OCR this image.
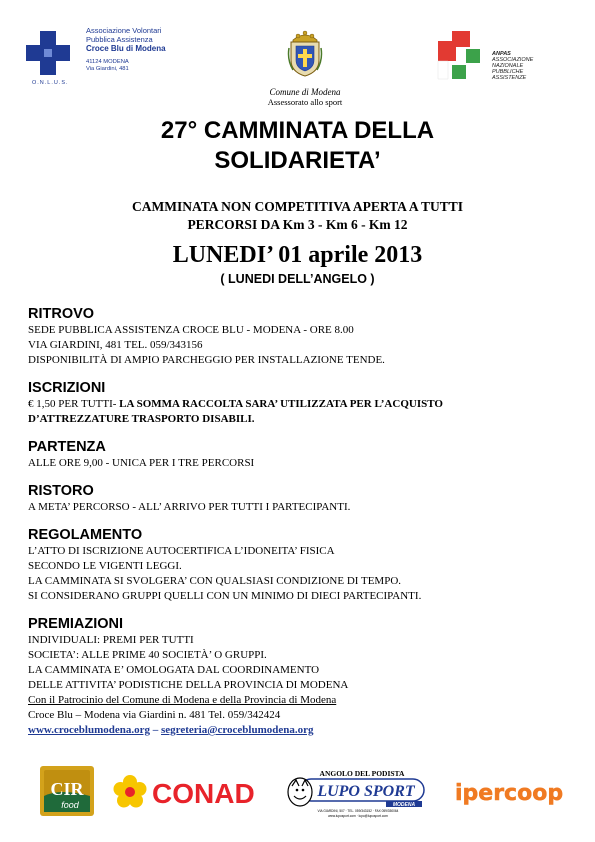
O.N.L.U.S.
Associazione Volontari
Pubblica Assistenza
Croce Blu di Modena
41124 MODENA
Via Giardini, 481
Comune di Modena
Assessorato allo sport
ANPAS
ASSOCIAZIONE
NAZIONALE
PUBBLICHE
ASSISTENZE
27° CAMMINATA DELLA
SOLIDARIETA’
CAMMINATA NON COMPETITIVA APERTA A TUTTI
PERCORSI DA Km 3 - Km 6 - Km 12
LUNEDI’ 01 aprile 2013
( LUNEDI DELL’ANGELO )
RITROVO
SEDE PUBBLICA ASSISTENZA CROCE BLU - MODENA - ORE 8.00
VIA GIARDINI, 481 TEL. 059/343156
DISPONIBILITÀ DI AMPIO PARCHEGGIO PER INSTALLAZIONE TENDE.
ISCRIZIONI
€ 1,50 PER TUTTI- LA SOMMA RACCOLTA SARA’ UTILIZZATA PER L’ACQUISTO
D’ATTREZZATURE TRASPORTO DISABILI.
PARTENZA
ALLE ORE 9,00 - UNICA PER I TRE PERCORSI
RISTORO
A META’ PERCORSO - ALL’ ARRIVO PER TUTTI I PARTECIPANTI.
REGOLAMENTO
L’ATTO DI ISCRIZIONE AUTOCERTIFICA L’IDONEITA’ FISICA
SECONDO LE VIGENTI LEGGI.
LA CAMMINATA SI SVOLGERA’ CON QUALSIASI CONDIZIONE DI TEMPO.
SI CONSIDERANO GRUPPI QUELLI CON UN MINIMO DI DIECI PARTECIPANTI.
PREMIAZIONI
INDIVIDUALI: PREMI PER TUTTI
SOCIETA’: ALLE PRIME 40 SOCIETÀ’ O GRUPPI.
LA CAMMINATA E’ OMOLOGATA DAL COORDINAMENTO
DELLE ATTIVITA’ PODISTICHE DELLA PROVINCIA DI MODENA
Con il Patrocinio del Comune di Modena e della Provincia di Modena
Croce Blu – Modena via Giardini n. 481 Tel. 059/342424
www.croceblumodena.org – segreteria@croceblumodena.org
CIR
food	CONAD
ANGOLO DEL PODISTA
LUPO SPORT
MODENA
VIA GIARDINI, 507 · TEL. 059/343152 · FAX 059/350064
www.luposport.com · lupo@luposport.com
ipercoop
